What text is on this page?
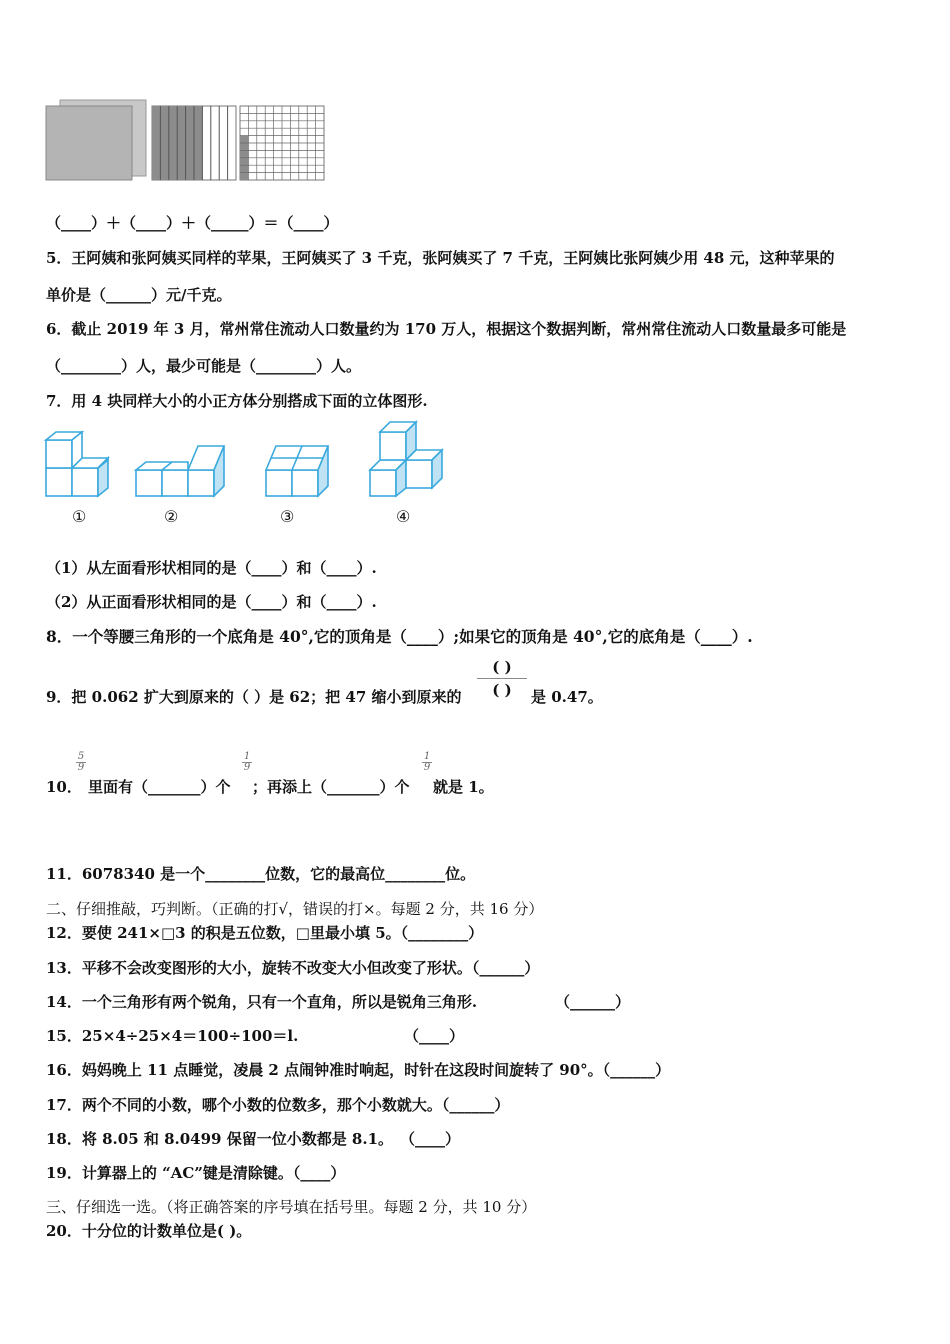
（____）＋（____）＋（_____）＝（____）
5．王阿姨和张阿姨买同样的苹果，王阿姨买了 3 千克，张阿姨买了 7 千克，王阿姨比张阿姨少用 48 元，这种苹果的
单价是（______）元/千克。
6．截止 2019 年 3 月，常州常住流动人口数量约为 170 万人，根据这个数据判断，常州常住流动人口数量最多可能是
（________）人，最少可能是（________）人。
7．用 4 块同样大小的小正方体分别搭成下面的立体图形.
①	②	③	④
（1）从左面看形状相同的是（____）和（____）.
（2）从正面看形状相同的是（____）和（____）.
8．一个等腰三角形的一个底角是 40°,它的顶角是（____）;如果它的顶角是 40°,它的底角是（____）.
9．把 0.062 扩大到原来的（ ）是 62；把 47 缩小到原来的
( )
( )	是 0.47。
10．
$\frac{5}{9}$
里面有（_______）个
$\frac{1}{9}$
；再添上（_______）个
$\frac{1}{9}$
就是 1。
11．6078340 是一个________位数，它的最高位________位。
二、仔细推敲，巧判断。（正确的打√，错误的打×。每题 2 分，共 16 分）
12．要使 241×□3 的积是五位数，□里最小填 5。（________）
13．平移不会改变图形的大小，旋转不改变大小但改变了形状。（______）
14．一个三角形有两个锐角，只有一个直角，所以是锐角三角形.	（______）
15．25×4÷25×4＝100÷100＝l.	（____）
16．妈妈晚上 11 点睡觉，凌晨 2 点闹钟准时响起，时针在这段时间旋转了 90°。（______）
17．两个不同的小数，哪个小数的位数多，那个小数就大。（______）
18．将 8.05 和 8.0499 保留一位小数都是 8.1。 （____）
19．计算器上的 “AC”键是清除键。（____）
三、仔细选一选。（将正确答案的序号填在括号里。每题 2 分，共 10 分）
20．十分位的计数单位是( )。
